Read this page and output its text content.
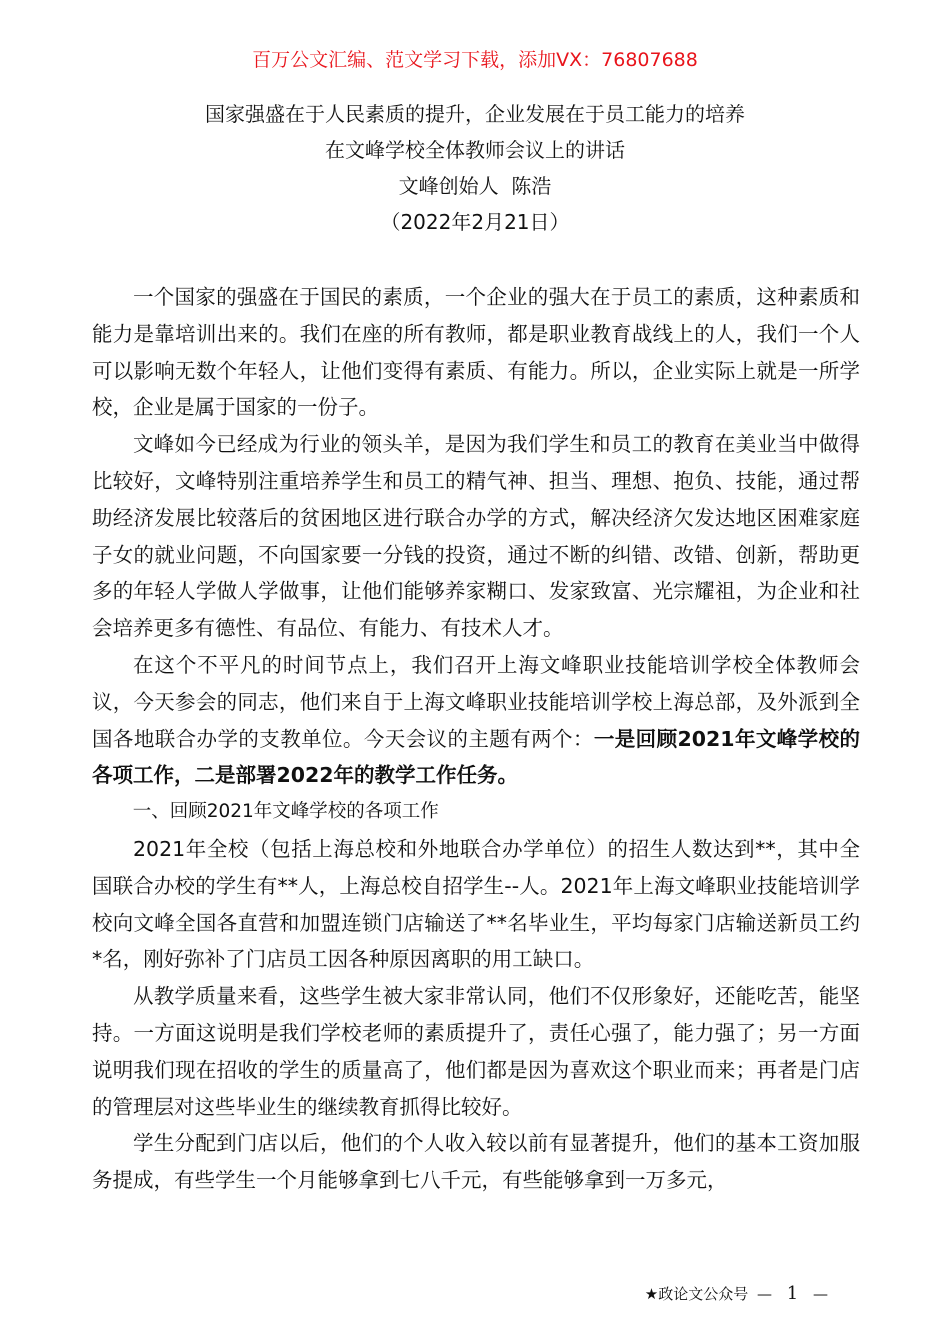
百万公文汇编、范文学习下载，添加VX：76807688
国家强盛在于人民素质的提升，企业发展在于员工能力的培养
在文峰学校全体教师会议上的讲话
文峰创始人  陈浩
（2022年2月21日）

一个国家的强盛在于国民的素质，一个企业的强大在于员工的素质，这种素质和能力是靠培训出来的。我们在座的所有教师，都是职业教育战线上的人，我们一个人可以影响无数个年轻人，让他们变得有素质、有能力。所以，企业实际上就是一所学校，企业是属于国家的一份子。

文峰如今已经成为行业的领头羊，是因为我们学生和员工的教育在美业当中做得比较好，文峰特别注重培养学生和员工的精气神、担当、理想、抱负、技能，通过帮助经济发展比较落后的贫困地区进行联合办学的方式，解决经济欠发达地区困难家庭子女的就业问题，不向国家要一分钱的投资，通过不断的纠错、改错、创新，帮助更多的年轻人学做人学做事，让他们能够养家糊口、发家致富、光宗耀祖，为企业和社会培养更多有德性、有品位、有能力、有技术人才。

在这个不平凡的时间节点上，我们召开上海文峰职业技能培训学校全体教师会议，今天参会的同志，他们来自于上海文峰职业技能培训学校上海总部，及外派到全国各地联合办学的支教单位。今天会议的主题有两个：一是回顾2021年文峰学校的各项工作，二是部署2022年的教学工作任务。

一、回顾2021年文峰学校的各项工作

2021年全校（包括上海总校和外地联合办学单位）的招生人数达到**，其中全国联合办校的学生有**人，上海总校自招学生--人。2021年上海文峰职业技能培训学校向文峰全国各直营和加盟连锁门店输送了**名毕业生，平均每家门店输送新员工约*名，刚好弥补了门店员工因各种原因离职的用工缺口。

从教学质量来看，这些学生被大家非常认同，他们不仅形象好，还能吃苦，能坚持。一方面这说明是我们学校老师的素质提升了，责任心强了，能力强了；另一方面说明我们现在招收的学生的质量高了，他们都是因为喜欢这个职业而来；再者是门店的管理层对这些毕业生的继续教育抓得比较好。

学生分配到门店以后，他们的个人收入较以前有显著提升，他们的基本工资加服务提成，有些学生一个月能够拿到七八千元，有些能够拿到一万多元，

★政论文公众号 — 1 —
